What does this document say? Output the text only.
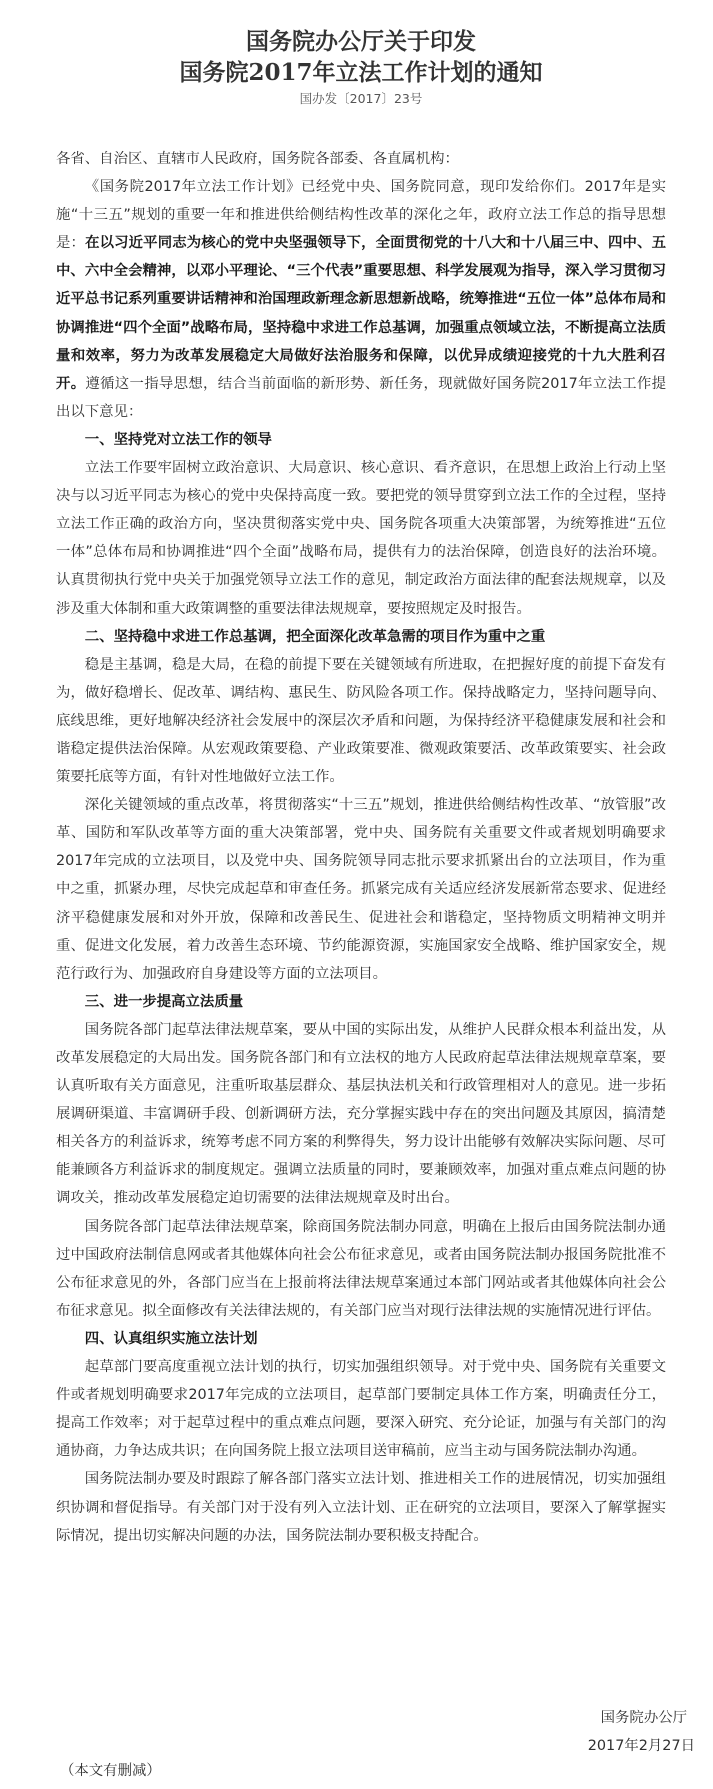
国务院办公厅关于印发
国务院2017年立法工作计划的通知
国办发〔2017〕23号

各省、自治区、直辖市人民政府，国务院各部委、各直属机构：

《国务院2017年立法工作计划》已经党中央、国务院同意，现印发给你们。2017年是实施“十三五”规划的重要一年和推进供给侧结构性改革的深化之年，政府立法工作总的指导思想是：在以习近平同志为核心的党中央坚强领导下，全面贯彻党的十八大和十八届三中、四中、五中、六中全会精神，以邓小平理论、“三个代表”重要思想、科学发展观为指导，深入学习贯彻习近平总书记系列重要讲话精神和治国理政新理念新思想新战略，统筹推进“五位一体”总体布局和协调推进“四个全面”战略布局，坚持稳中求进工作总基调，加强重点领域立法，不断提高立法质量和效率，努力为改革发展稳定大局做好法治服务和保障，以优异成绩迎接党的十九大胜利召开。遵循这一指导思想，结合当前面临的新形势、新任务，现就做好国务院2017年立法工作提出以下意见：

一、坚持党对立法工作的领导

立法工作要牢固树立政治意识、大局意识、核心意识、看齐意识，在思想上政治上行动上坚决与以习近平同志为核心的党中央保持高度一致。要把党的领导贯穿到立法工作的全过程，坚持立法工作正确的政治方向，坚决贯彻落实党中央、国务院各项重大决策部署，为统筹推进“五位一体”总体布局和协调推进“四个全面”战略布局，提供有力的法治保障，创造良好的法治环境。认真贯彻执行党中央关于加强党领导立法工作的意见，制定政治方面法律的配套法规规章，以及涉及重大体制和重大政策调整的重要法律法规规章，要按照规定及时报告。

二、坚持稳中求进工作总基调，把全面深化改革急需的项目作为重中之重

稳是主基调，稳是大局，在稳的前提下要在关键领域有所进取，在把握好度的前提下奋发有为，做好稳增长、促改革、调结构、惠民生、防风险各项工作。保持战略定力，坚持问题导向、底线思维，更好地解决经济社会发展中的深层次矛盾和问题，为保持经济平稳健康发展和社会和谐稳定提供法治保障。从宏观政策要稳、产业政策要准、微观政策要活、改革政策要实、社会政策要托底等方面，有针对性地做好立法工作。

深化关键领域的重点改革，将贯彻落实“十三五”规划，推进供给侧结构性改革、“放管服”改革、国防和军队改革等方面的重大决策部署，党中央、国务院有关重要文件或者规划明确要求2017年完成的立法项目，以及党中央、国务院领导同志批示要求抓紧出台的立法项目，作为重中之重，抓紧办理，尽快完成起草和审查任务。抓紧完成有关适应经济发展新常态要求、促进经济平稳健康发展和对外开放，保障和改善民生、促进社会和谐稳定，坚持物质文明精神文明并重、促进文化发展，着力改善生态环境、节约能源资源，实施国家安全战略、维护国家安全，规范行政行为、加强政府自身建设等方面的立法项目。

三、进一步提高立法质量

国务院各部门起草法律法规草案，要从中国的实际出发，从维护人民群众根本利益出发，从改革发展稳定的大局出发。国务院各部门和有立法权的地方人民政府起草法律法规规章草案，要认真听取有关方面意见，注重听取基层群众、基层执法机关和行政管理相对人的意见。进一步拓展调研渠道、丰富调研手段、创新调研方法，充分掌握实践中存在的突出问题及其原因，搞清楚相关各方的利益诉求，统筹考虑不同方案的利弊得失，努力设计出能够有效解决实际问题、尽可能兼顾各方利益诉求的制度规定。强调立法质量的同时，要兼顾效率，加强对重点难点问题的协调攻关，推动改革发展稳定迫切需要的法律法规规章及时出台。

国务院各部门起草法律法规草案，除商国务院法制办同意，明确在上报后由国务院法制办通过中国政府法制信息网或者其他媒体向社会公布征求意见，或者由国务院法制办报国务院批准不公布征求意见的外，各部门应当在上报前将法律法规草案通过本部门网站或者其他媒体向社会公布征求意见。拟全面修改有关法律法规的，有关部门应当对现行法律法规的实施情况进行评估。

四、认真组织实施立法计划

起草部门要高度重视立法计划的执行，切实加强组织领导。对于党中央、国务院有关重要文件或者规划明确要求2017年完成的立法项目，起草部门要制定具体工作方案，明确责任分工，提高工作效率；对于起草过程中的重点难点问题，要深入研究、充分论证，加强与有关部门的沟通协商，力争达成共识；在向国务院上报立法项目送审稿前，应当主动与国务院法制办沟通。

国务院法制办要及时跟踪了解各部门落实立法计划、推进相关工作的进展情况，切实加强组织协调和督促指导。有关部门对于没有列入立法计划、正在研究的立法项目，要深入了解掌握实际情况，提出切实解决问题的办法，国务院法制办要积极支持配合。

国务院办公厅
2017年2月27日
（本文有删减）
